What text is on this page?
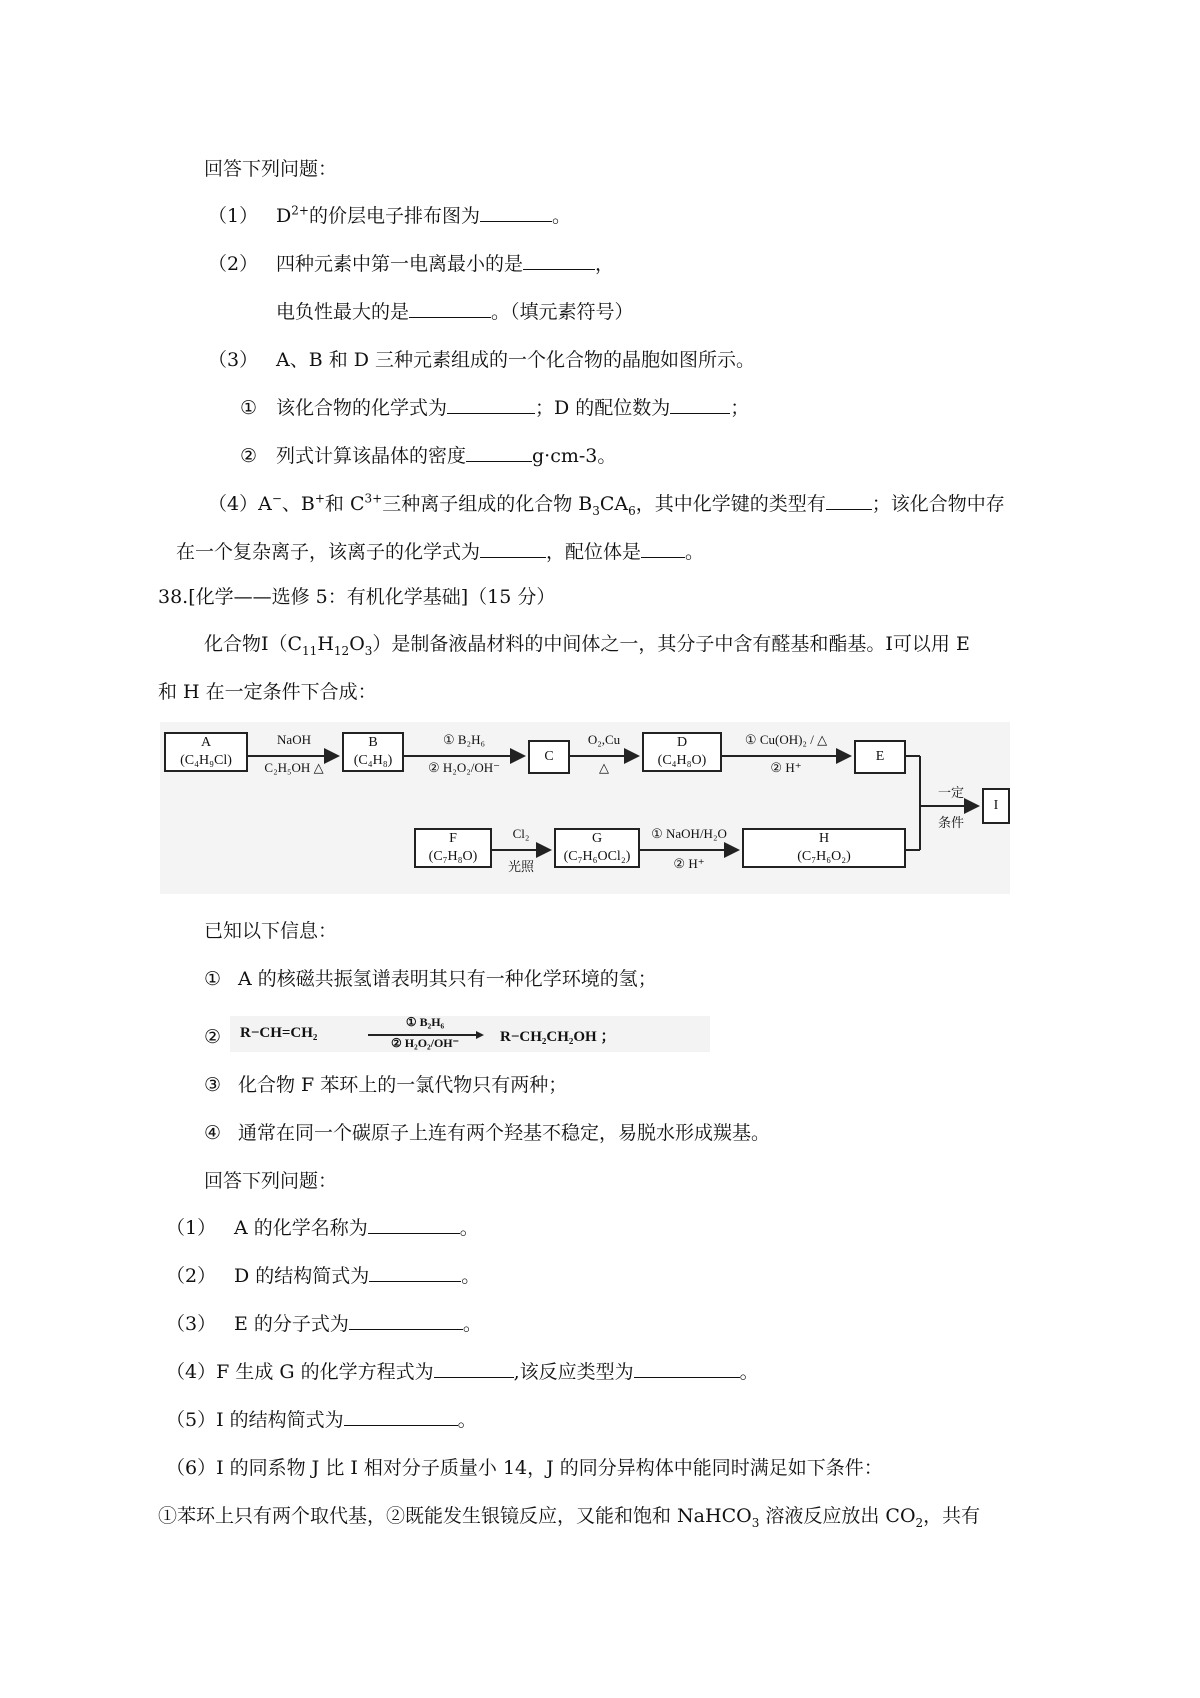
回答下列问题：
（1） $D^{2+}$的价层电子排布图为	。
（2） 四种元素中第一电离最小的是	，
电负性最大的是	。（填元素符号）
（3） A、B 和 D 三种元素组成的一个化合物的晶胞如图所示。
① 该化合物的化学式为	；D 的配位数为	；
② 列式计算该晶体的密度	g·cm-3。
（4）A−、B+和 $C^{3+}$三种离子组成的化合物 $B_3CA_6$，其中化学键的类型有 ；该化合物中存
在一个复杂离子，该离子的化学式为	，配位体是 。
38.[化学——选修 5：有机化学基础]（15 分）
化合物$Ⅰ(C_{11}H_{12}O_3)$是制备液晶材料的中间体之一，其分子中含有醛基和酯基。Ⅰ可以用 E
和 H 在一定条件下合成：
A
(C₄H₉Cl)
NaOH
C₂H₅OH △
B
(C₄H₈)
① B₂H₆
② H₂O₂/OH⁻
C
O₂,Cu
△
D
(C₄H₈O)
① Cu(OH)₂ / △
② H⁺
E
一定
条件
I
F
(C₇H₈O)
Cl₂
光照
G
(C₇H₆OCl₂)
① NaOH/H₂O
② H⁺
H
(C₇H₆O₂)
已知以下信息：
① A 的核磁共振氢谱表明其只有一种化学环境的氢；
② R−CH=CH₂
① B₂H₆
② H₂O₂/OH⁻	R−CH₂CH₂OH ；
③ 化合物 F 苯环上的一氯代物只有两种；
④ 通常在同一个碳原子上连有两个羟基不稳定，易脱水形成羰基。
回答下列问题：
（1） A 的化学名称为	。
（2） D 的结构简式为	。
（3） E 的分子式为	。
（4）F 生成 G 的化学方程式为	,该反应类型为	。
（5）I 的结构简式为	。
（6）I 的同系物 J 比 I 相对分子质量小 14，J 的同分异构体中能同时满足如下条件：
①苯环上只有两个取代基，②既能发生银镜反应，又能和饱和 NaHCO$_3$ 溶液反应放出 $CO_2$，共有
